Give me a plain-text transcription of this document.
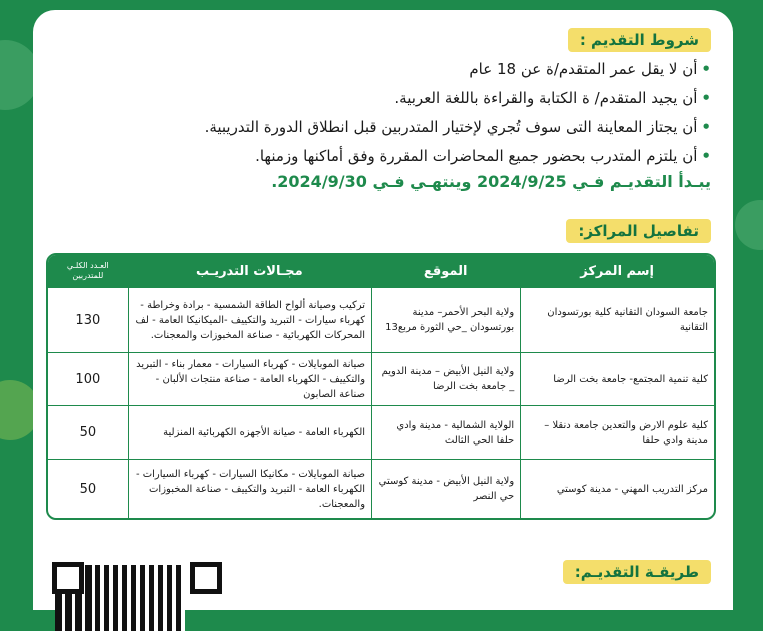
شروط التقديم :
•أن لا يقل عمر المتقدم/ة عن 18 عام
•أن يجيد المتقدم/ ة الكتابة والقراءة باللغة العربية.
•أن يجتاز المعاينة التى سوف تُجري لإختيار المتدربين قبل انطلاق الدورة التدريبية.
•أن يلتزم المتدرب بحضور جميع المحاضرات المقررة وفق أماكنها وزمنها.
يبـدأ التقديـم فـي 2024/9/25 وينتهـي فـي 2024/9/30.
تفاصيل المراكز:
إسم المركز	الموقع	مجـالات التدريـب	العـدد الكلـي للمتدربين
جامعة السودان التقانية كلية بورتسودان التقانية	ولاية البحر الأحمر– مدينة بورتسودان _حي الثورة مربع13	تركيب وصيانة ألواح الطاقة الشمسية - برادة وخراطة - كهرباء سيارات - التبريد والتكييف -الميكانيكا العامة - لف المحركات الكهربائية - صناعة المخبوزات والمعجنات.	130
كلية تنمية المجتمع- جامعة بخت الرضا	ولاية النيل الأبيض – مدينة الدويم _ جامعة بخت الرضا	صيانة الموبايلات - كهرباء السيارات - معمار بناء - التبريد والتكييف - الكهرباء العامة - صناعة منتجات الألبان - صناعة الصابون	100
كلية علوم الارض والتعدين جامعة دنقلا – مدينة وادي حلفا	الولاية الشمالية - مدينة وادي حلفا الحي الثالث	الكهرباء العامة - صيانة الأجهزه الكهربائية المنزلية	50
مركز التدريب المهني - مدينة كوستي	ولاية النيل الأبيض - مدينة كوستي حي النصر	صيانة الموبايلات - مكانيكا السيارات - كهرباء السيارات - الكهرباء العامة - التبريد والتكييف - صناعة المخبوزات والمعجنات.	50
طريقـة التقديـم:
